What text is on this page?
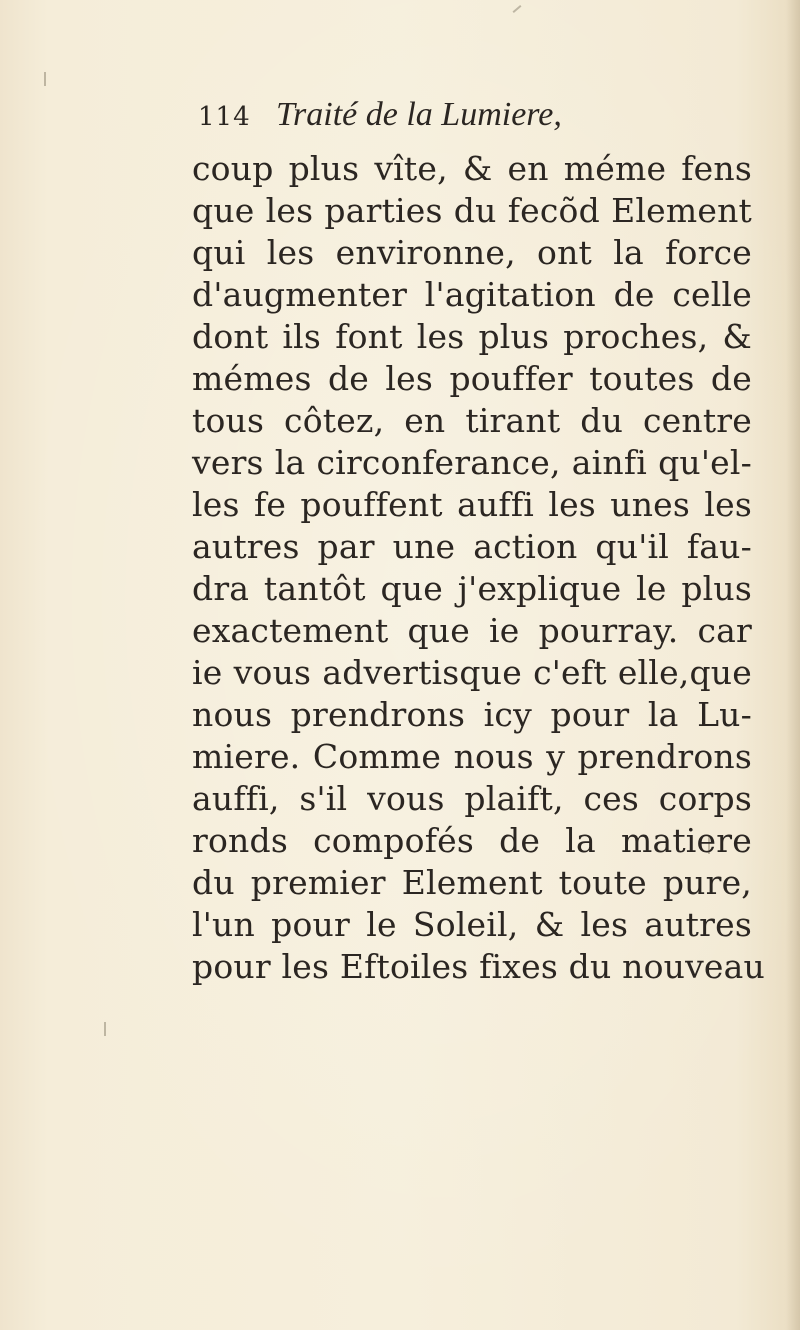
114 Traité de la Lumiere,
coup plus vîte, & en méme fens
que les parties du fecõd Element
qui les environne, ont la force
d'augmenter l'agitation de celle
dont ils font les plus proches, &
mémes de les pouffer toutes de
tous côtez, en tirant du centre
vers la circonferance, ainfi qu'el-
les fe pouffent auffi les unes les
autres par une action qu'il fau-
dra tantôt que j'explique le plus
exactement que ie pourray. car
ie vous advertisque c'eft elle,que
nous prendrons icy pour la Lu-
miere. Comme nous y prendrons
auffi, s'il vous plaift, ces corps
ronds compofés de la matiere
du premier Element toute pure,
l'un pour le Soleil, & les autres
pour les Eftoiles fixes du nouveau
